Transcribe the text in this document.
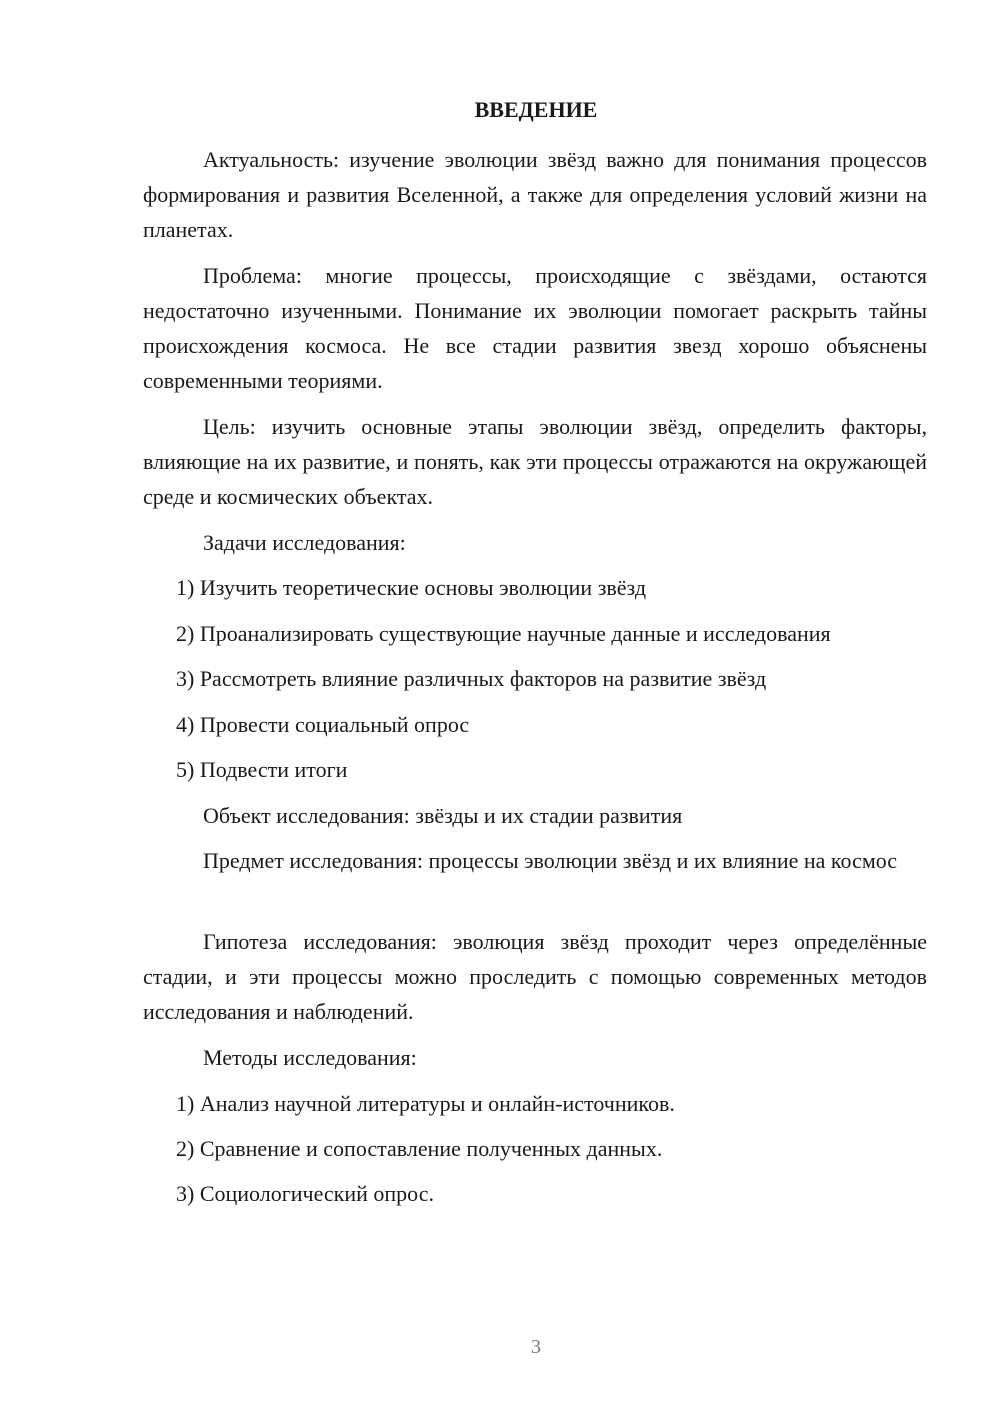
ВВЕДЕНИЕ

Актуальность: изучение эволюции звёзд важно для понимания процессов формирования и развития Вселенной, а также для определения условий жизни на планетах.

Проблема: многие процессы, происходящие с звёздами, остаются недостаточно изученными. Понимание их эволюции помогает раскрыть тайны происхождения космоса. Не все стадии развития звезд хорошо объяснены современными теориями.

Цель: изучить основные этапы эволюции звёзд, определить факторы, влияющие на их развитие, и понять, как эти процессы отражаются на окружающей среде и космических объектах.

Задачи исследования:

1) Изучить теоретические основы эволюции звёзд

2) Проанализировать существующие научные данные и исследования

3) Рассмотреть влияние различных факторов на развитие звёзд

4) Провести социальный опрос

5) Подвести итоги

Объект исследования: звёзды и их стадии развития

Предмет исследования: процессы эволюции звёзд и их влияние на космос

Гипотеза исследования: эволюция звёзд проходит через определённые стадии, и эти процессы можно проследить с помощью современных методов исследования и наблюдений.

Методы исследования:

1) Анализ научной литературы и онлайн-источников.

2) Сравнение и сопоставление полученных данных.

3) Социологический опрос.

3
